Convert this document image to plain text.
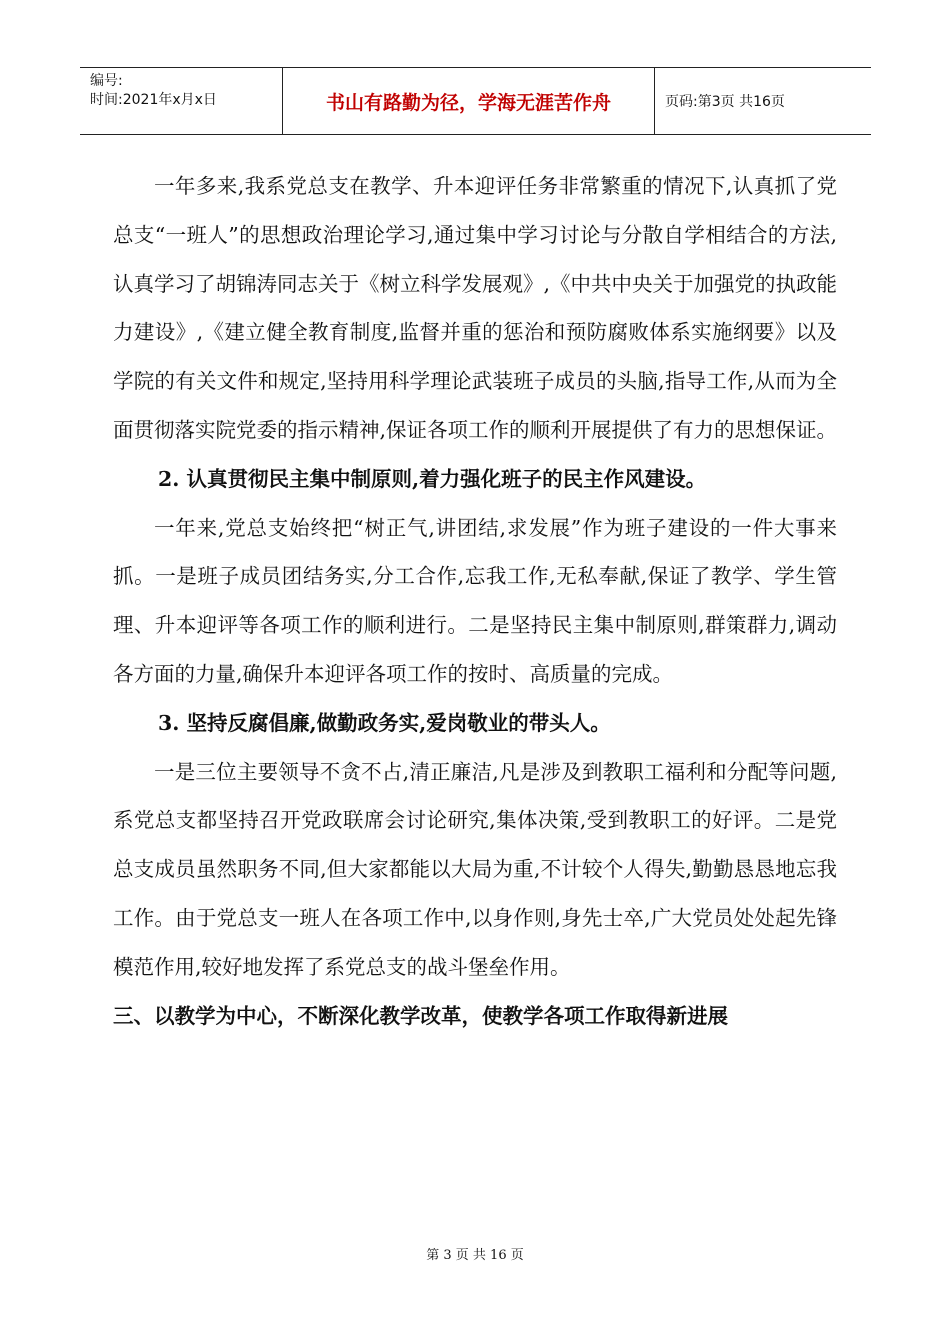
编号:
时间:2021年x月x日	书山有路勤为径，学海无涯苦作舟	页码:第3页 共16页

一年多来,我系党总支在教学、升本迎评任务非常繁重的情况下,认真抓了党总支“一班人”的思想政治理论学习,通过集中学习讨论与分散自学相结合的方法,认真学习了胡锦涛同志关于《树立科学发展观》,《中共中央关于加强党的执政能力建设》,《建立健全教育制度,监督并重的惩治和预防腐败体系实施纲要》以及学院的有关文件和规定,坚持用科学理论武装班子成员的头脑,指导工作,从而为全面贯彻落实院党委的指示精神,保证各项工作的顺利开展提供了有力的思想保证。

2. 认真贯彻民主集中制原则,着力强化班子的民主作风建设。

一年来,党总支始终把“树正气,讲团结,求发展”作为班子建设的一件大事来抓。一是班子成员团结务实,分工合作,忘我工作,无私奉献,保证了教学、学生管理、升本迎评等各项工作的顺利进行。二是坚持民主集中制原则,群策群力,调动各方面的力量,确保升本迎评各项工作的按时、高质量的完成。

3. 坚持反腐倡廉,做勤政务实,爱岗敬业的带头人。

一是三位主要领导不贪不占,清正廉洁,凡是涉及到教职工福利和分配等问题,系党总支都坚持召开党政联席会讨论研究,集体决策,受到教职工的好评。二是党总支成员虽然职务不同,但大家都能以大局为重,不计较个人得失,勤勤恳恳地忘我工作。由于党总支一班人在各项工作中,以身作则,身先士卒,广大党员处处起先锋模范作用,较好地发挥了系党总支的战斗堡垒作用。

三、以教学为中心，不断深化教学改革，使教学各项工作取得新进展

第 3 页 共 16 页
